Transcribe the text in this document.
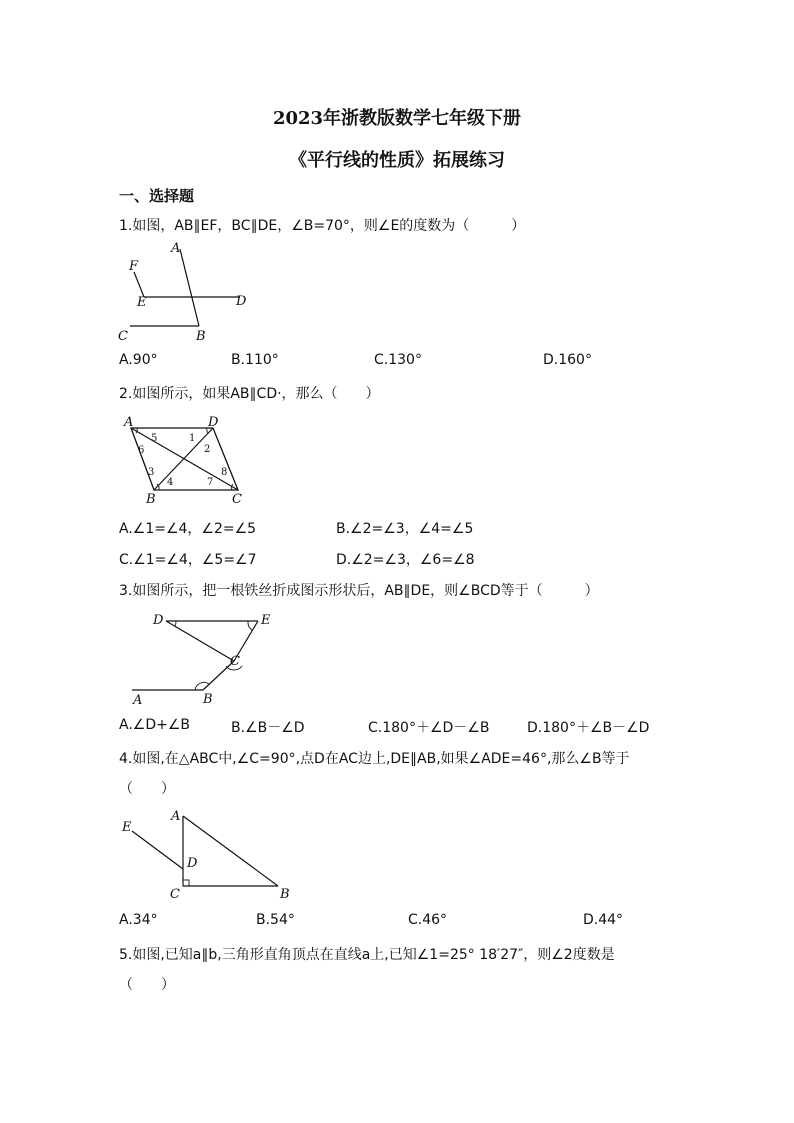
2023年浙教版数学七年级下册
《平行线的性质》拓展练习
一、选择题
1.如图，AB∥EF，BC∥DE，∠B=70°，则∠E的度数为（　　　）
A
F
E	D
C	B
A.90°	B.110°	C.130°	D.160°
2.如图所示，如果AB∥CD·，那么（　　）
A	D
B	C
1
2
3
4
5
6
7
8
A.∠1=∠4，∠2=∠5	B.∠2=∠3，∠4=∠5
C.∠1=∠4，∠5=∠7	D.∠2=∠3，∠6=∠8
3.如图所示，把一根铁丝折成图示形状后，AB∥DE，则∠BCD等于（　　　）
D	E
C
A	B
A.∠D+∠B	B.∠B－∠D	C.180°＋∠D－∠B	D.180°＋∠B－∠D
4.如图,在△ABC中,∠C=90°,点D在AC边上,DE∥AB,如果∠ADE=46°,那么∠B等于
（　　）
A
E
D
C	B
A.34°	B.54°	C.46°	D.44°
5.如图,已知a∥b,三角形直角顶点在直线a上,已知∠1=25° 18′27″，则∠2度数是
（　　）
